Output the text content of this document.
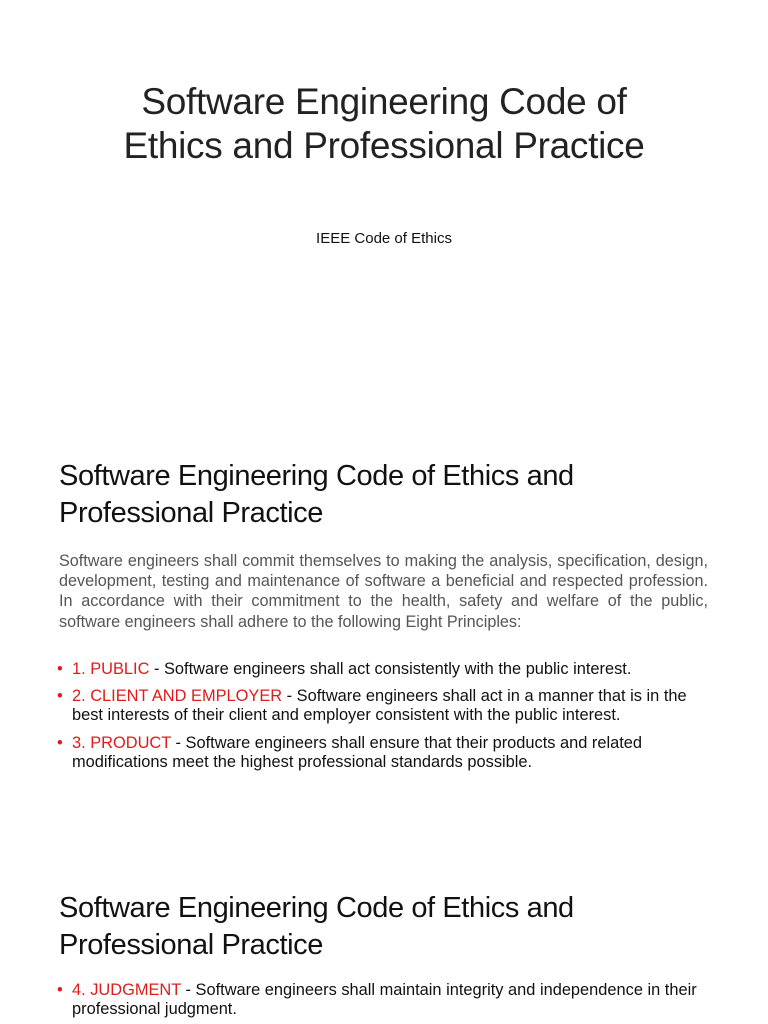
Software Engineering Code of
Ethics and Professional Practice

IEEE Code of Ethics

Software Engineering Code of Ethics and
Professional Practice

Software engineers shall commit themselves to making the analysis, specification, design, development, testing and maintenance of software a beneficial and respected profession. In accordance with their commitment to the health, safety and welfare of the public, software engineers shall adhere to the following Eight Principles:

• 1. PUBLIC - Software engineers shall act consistently with the public interest.
• 2. CLIENT AND EMPLOYER - Software engineers shall act in a manner that is in the best interests of their client and employer consistent with the public interest.
• 3. PRODUCT - Software engineers shall ensure that their products and related modifications meet the highest professional standards possible.
Software Engineering Code of Ethics and
Professional Practice
• 4. JUDGMENT - Software engineers shall maintain integrity and independence in their professional judgment.
